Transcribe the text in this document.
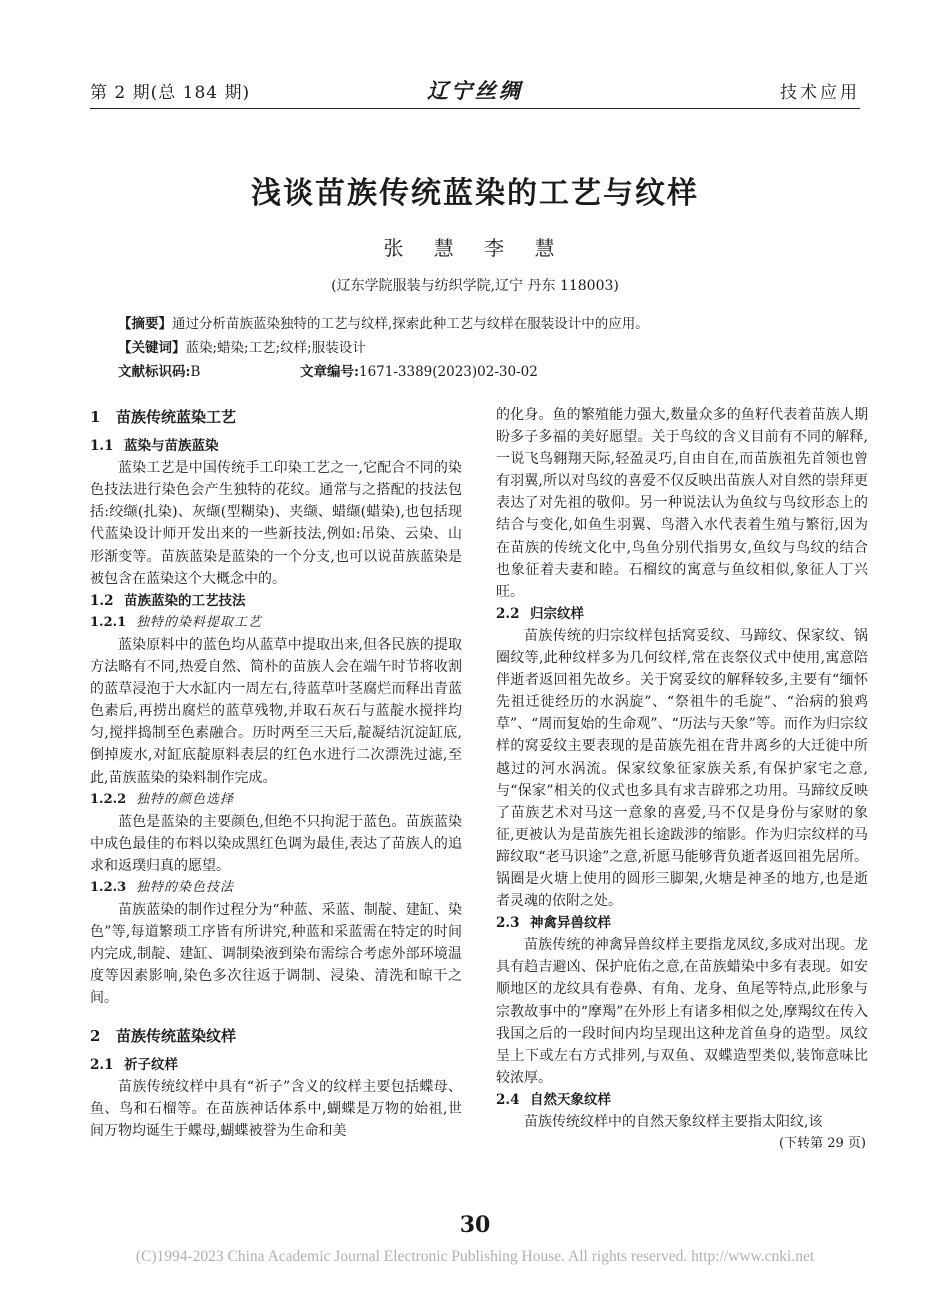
第 2 期(总 184 期)	辽宁丝绸	技术应用
浅谈苗族传统蓝染的工艺与纹样
张 慧 李 慧
(辽东学院服装与纺织学院,辽宁 丹东 118003)
【摘要】通过分析苗族蓝染独特的工艺与纹样,探索此种工艺与纹样在服装设计中的应用。
【关键词】蓝染;蜡染;工艺;纹样;服装设计
文献标识码:B	文章编号:1671-3389(2023)02-30-02
1 苗族传统蓝染工艺
1.1 蓝染与苗族蓝染

蓝染工艺是中国传统手工印染工艺之一,它配合不同的染色技法进行染色会产生独特的花纹。通常与之搭配的技法包括:绞缬(扎染)、灰缬(型糊染)、夹缬、蜡缬(蜡染),也包括现代蓝染设计师开发出来的一些新技法,例如:吊染、云染、山形渐变等。苗族蓝染是蓝染的一个分支,也可以说苗族蓝染是被包含在蓝染这个大概念中的。

1.2 苗族蓝染的工艺技法
1.2.1 独特的染料提取工艺

蓝染原料中的蓝色均从蓝草中提取出来,但各民族的提取方法略有不同,热爱自然、简朴的苗族人会在端午时节将收割的蓝草浸泡于大水缸内一周左右,待蓝草叶茎腐烂而释出青蓝色素后,再捞出腐烂的蓝草残物,并取石灰石与蓝靛水搅拌均匀,搅拌捣制至色素融合。历时两至三天后,靛凝结沉淀缸底,倒掉废水,对缸底靛原料表层的红色水进行二次漂洗过滤,至此,苗族蓝染的染料制作完成。

1.2.2 独特的颜色选择

蓝色是蓝染的主要颜色,但绝不只拘泥于蓝色。苗族蓝染中成色最佳的布料以染成黑红色调为最佳,表达了苗族人的追求和返璞归真的愿望。

1.2.3 独特的染色技法

苗族蓝染的制作过程分为“种蓝、采蓝、制靛、建缸、染色”等,每道繁琐工序皆有所讲究,种蓝和采蓝需在特定的时间内完成,制靛、建缸、调制染液到染布需综合考虑外部环境温度等因素影响,染色多次往返于调制、浸染、清洗和晾干之间。

2 苗族传统蓝染纹样
2.1 祈子纹样

苗族传统纹样中具有“祈子”含义的纹样主要包括蝶母、鱼、鸟和石榴等。在苗族神话体系中,蝴蝶是万物的始祖,世间万物均诞生于蝶母,蝴蝶被誉为生命和美

的化身。鱼的繁殖能力强大,数量众多的鱼籽代表着苗族人期盼多子多福的美好愿望。关于鸟纹的含义目前有不同的解释,一说飞鸟翱翔天际,轻盈灵巧,自由自在,而苗族祖先首领也曾有羽翼,所以对鸟纹的喜爱不仅反映出苗族人对自然的崇拜更表达了对先祖的敬仰。另一种说法认为鱼纹与鸟纹形态上的结合与变化,如鱼生羽翼、鸟潜入水代表着生殖与繁衍,因为在苗族的传统文化中,鸟鱼分别代指男女,鱼纹与鸟纹的结合也象征着夫妻和睦。石榴纹的寓意与鱼纹相似,象征人丁兴旺。

2.2 归宗纹样

苗族传统的归宗纹样包括窝妥纹、马蹄纹、保家纹、锅圈纹等,此种纹样多为几何纹样,常在丧祭仪式中使用,寓意陪伴逝者返回祖先故乡。关于窝妥纹的解释较多,主要有“缅怀先祖迁徙经历的水涡旋”、“祭祖牛的毛旋”、“治病的狼鸡草”、“周而复始的生命观”、“历法与天象”等。而作为归宗纹样的窝妥纹主要表现的是苗族先祖在背井离乡的大迁徙中所越过的河水涡流。保家纹象征家族关系,有保护家宅之意,与“保家”相关的仪式也多具有求吉辟邪之功用。马蹄纹反映了苗族艺术对马这一意象的喜爱,马不仅是身份与家财的象征,更被认为是苗族先祖长途跋涉的缩影。作为归宗纹样的马蹄纹取“老马识途”之意,祈愿马能够背负逝者返回祖先居所。锅圈是火塘上使用的圆形三脚架,火塘是神圣的地方,也是逝者灵魂的依附之处。

2.3 神禽异兽纹样

苗族传统的神禽异兽纹样主要指龙凤纹,多成对出现。龙具有趋吉避凶、保护庇佑之意,在苗族蜡染中多有表现。如安顺地区的龙纹具有卷鼻、有角、龙身、鱼尾等特点,此形象与宗教故事中的“摩羯”在外形上有诸多相似之处,摩羯纹在传入我国之后的一段时间内均呈现出这种龙首鱼身的造型。凤纹呈上下或左右方式排列,与双鱼、双蝶造型类似,装饰意味比较浓厚。

2.4 自然天象纹样

苗族传统纹样中的自然天象纹样主要指太阳纹,该

(下转第 29 页)

30
(C)1994-2023 China Academic Journal Electronic Publishing House. All rights reserved. http://www.cnki.net
